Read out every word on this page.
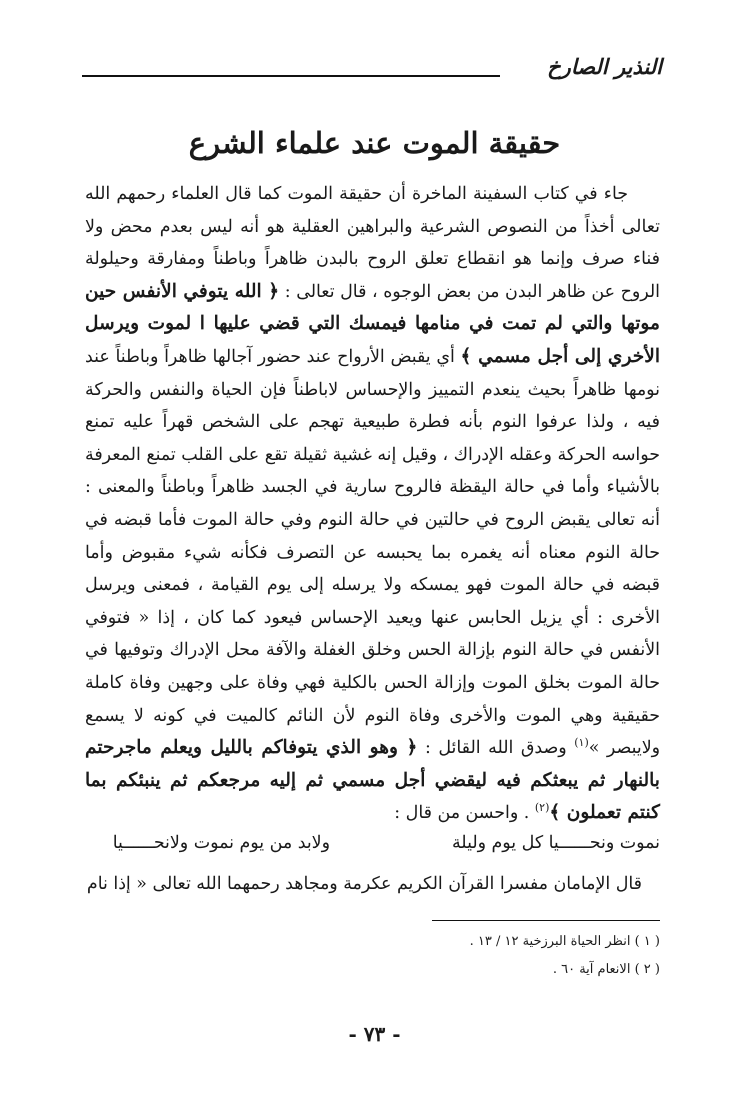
النذير الصارخ
حقيقة الموت عند علماء الشرع

جاء في كتاب السفينة الماخرة أن حقيقة الموت كما قال العلماء رحمهم الله تعالى أخذاً من النصوص الشرعية والبراهين العقلية هو أنه ليس بعدم محض ولا فناء صرف وإنما هو انقطاع تعلق الروح بالبدن ظاهراً وباطناً ومفارقة وحيلولة الروح عن ظاهر البدن من بعض الوجوه ، قال تعالى : ﴿ الله يتوفي الأنفس حين موتها والتي لم تمت في منامها فيمسك التي قضي عليها ا لموت ويرسل الأخري إلى أجل مسمي ﴾ أي يقبض الأرواح عند حضور آجالها ظاهراً وباطناً عند نومها ظاهراً بحيث ينعدم التمييز والإحساس لاباطناً فإن الحياة والنفس والحركة فيه ، ولذا عرفوا النوم بأنه فطرة طبيعية تهجم على الشخص قهراً عليه تمنع حواسه الحركة وعقله الإدراك ، وقيل إنه غشية ثقيلة تقع على القلب تمنع المعرفة بالأشياء وأما في حالة اليقظة فالروح سارية في الجسد ظاهراً وباطناً والمعنى : أنه تعالى يقبض الروح في حالتين في حالة النوم وفي حالة الموت فأما قبضه في حالة النوم معناه أنه يغمره بما يحبسه عن التصرف فكأنه شيء مقبوض وأما قبضه في حالة الموت فهو يمسكه ولا يرسله إلى يوم القيامة ، فمعنى ويرسل الأخرى : أي يزيل الحابس عنها ويعيد الإحساس فيعود كما كان ، إذا « فتوفي الأنفس في حالة النوم بإزالة الحس وخلق الغفلة والآفة محل الإدراك وتوفيها في حالة الموت بخلق الموت وإزالة الحس بالكلية فهي وفاة على وجهين وفاة كاملة حقيقية وهي الموت والأخرى وفاة النوم لأن النائم كالميت في كونه لا يسمع ولايبصر »$^{(١)}$ وصدق الله القائل : ﴿ وهو الذي يتوفاكم بالليل ويعلم ماجرحتم بالنهار ثم يبعثكم فيه ليقضي أجل مسمي ثم إليه مرجعكم ثم ينبئكم بما كنتم تعملون ﴾$^{(٢)}$ . واحسن من قال :

نموت ونحــــــيا كل يوم وليلة
ولابد من يوم نموت ولانحــــــيا
قال الإمامان مفسرا القرآن الكريم عكرمة ومجاهد رحمهما الله تعالى « إذا نام
( ١ ) انظر الحياة البرزخية ١٢ / ١٣ .
( ٢ ) الانعام آية ٦٠ .
- ٧٣ -
